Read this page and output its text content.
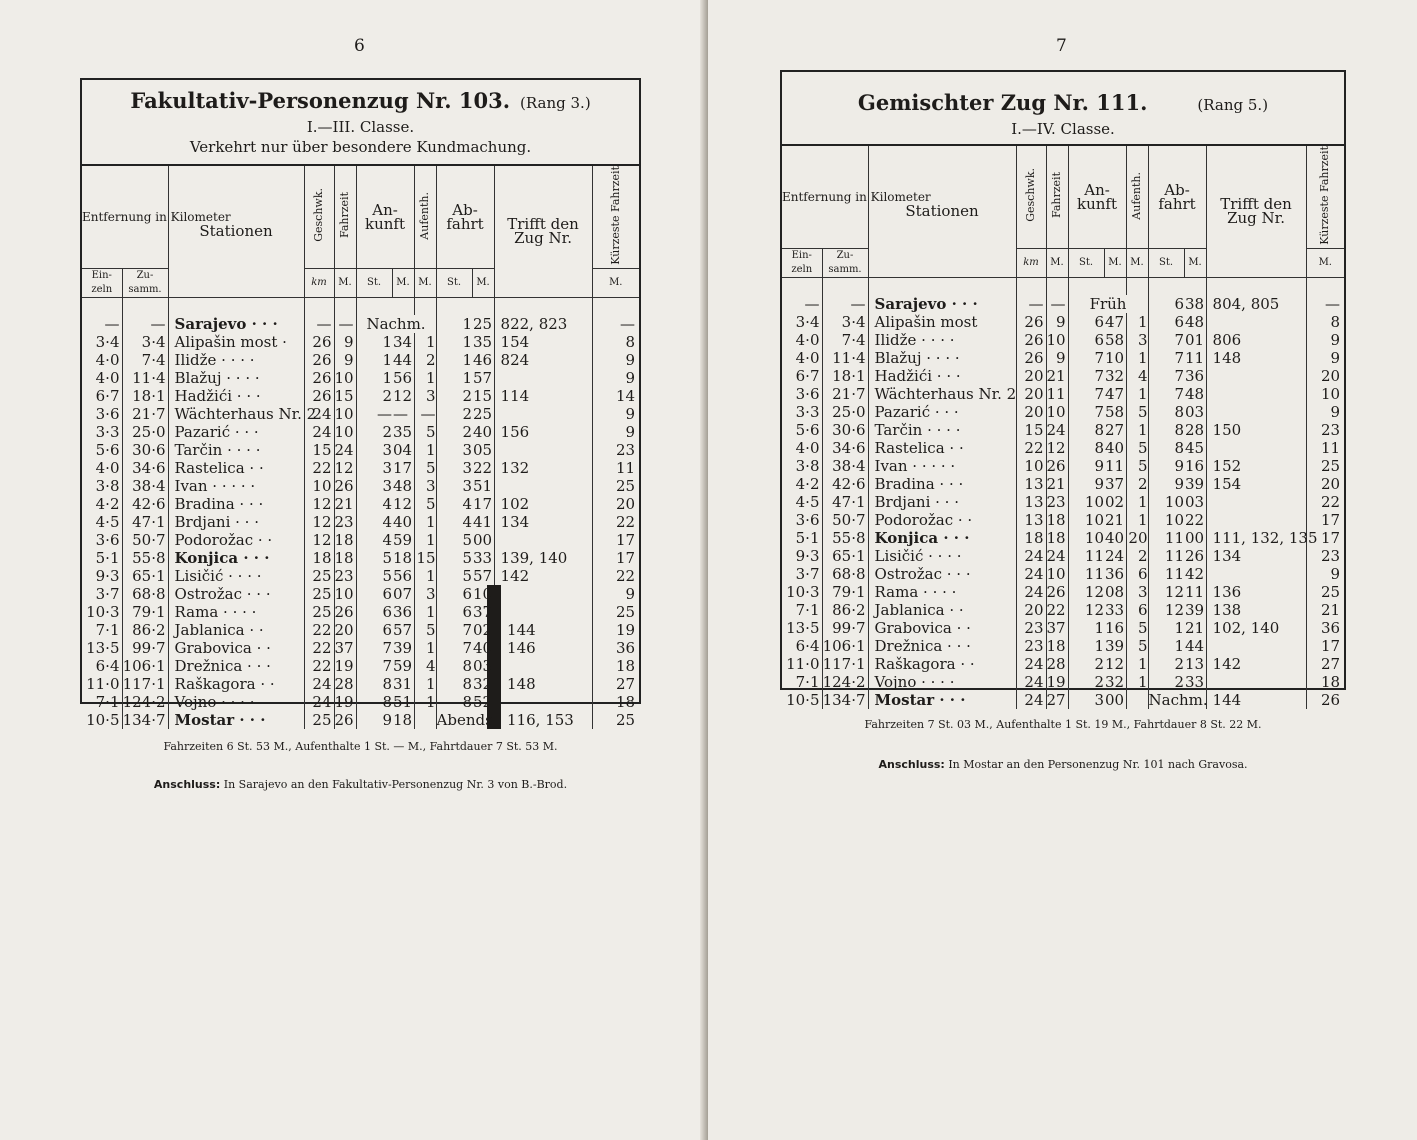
6
Fakultativ-Personenzug Nr. 103. (Rang 3.)
I.—III. Classe.
Verkehrt nur über besondere Kundmachung.
Entfernung in Kilometer		Stationen	Geschwk.	Fahrzeit	An-kunft		Aufenth.	Ab-fahrt		Trifft den Zug Nr.	Kürzeste Fahrzeit
Ein-zeln	Zu-samm.		km	M.	St.	M.	M.	St.	M.		M.

—	—	Sarajevo · · ·	—	—	Nachm.			1	25	822, 823	—
3·4	3·4	Alipašin most ·	26	9	1	34	1	1	35	154	8
4·0	7·4	Ilidže · · · ·	26	9	1	44	2	1	46	824	9
4·0	11·4	Blažuj · · · ·	26	10	1	56	1	1	57		9
6·7	18·1	Hadžići · · ·	26	15	2	12	3	2	15	114	14
3·6	21·7	Wächterhaus Nr. 2	24	10	—	—	—	2	25		9
3·3	25·0	Pazarić · · ·	24	10	2	35	5	2	40	156	9
5·6	30·6	Tarčin · · · ·	15	24	3	04	1	3	05		23
4·0	34·6	Rastelica · ·	22	12	3	17	5	3	22	132	11
3·8	38·4	Ivan · · · · ·	10	26	3	48	3	3	51		25
4·2	42·6	Bradina · · ·	12	21	4	12	5	4	17	102	20
4·5	47·1	Brdjani · · ·	12	23	4	40	1	4	41	134	22
3·6	50·7	Podorožac · ·	12	18	4	59	1	5	00		17
5·1	55·8	Konjica · · ·	18	18	5	18	15	5	33	139, 140	17
9·3	65·1	Lisičić · · · ·	25	23	5	56	1	5	57	142	22
3·7	68·8	Ostrožac · · ·	25	10	6	07	3	6	10		9
10·3	79·1	Rama · · · ·	25	26	6	36	1	6	37		25
7·1	86·2	Jablanica · ·	22	20	6	57	5	7	02	144	19
13·5	99·7	Grabovica · ·	22	37	7	39	1	7	40	146	36
6·4	106·1	Drežnica · · ·	22	19	7	59	4	8	03		18
11·0	117·1	Raškagora · ·	24	28	8	31	1	8	32	148	27
7·1	124·2	Vojno · · · ·	24	19	8	51	1	8	52		18
10·5	134·7	Mostar · · ·	25	26	9	18		Abends		116, 153	25
Fahrzeiten 6 St. 53 M., Aufenthalte 1 St. — M., Fahrtdauer 7 St. 53 M.
Anschluss: In Sarajevo an den Fakultativ-Personenzug Nr. 3 von B.-Brod.
7
Gemischter Zug Nr. 111.	(Rang 5.)
I.—IV. Classe.
Entfernung in Kilometer		Stationen	Geschwk.	Fahrzeit	An-kunft		Aufenth.	Ab-fahrt		Trifft den Zug Nr.	Kürzeste Fahrzeit
Ein-zeln	Zu-samm.		km	M.	St.	M.	M.	St.	M.		M.

—	—	Sarajevo · · ·	—	—	Früh			6	38	804, 805	—
3·4	3·4	Alipašin most	26	9	6	47	1	6	48		8
4·0	7·4	Ilidže · · · ·	26	10	6	58	3	7	01	806	9
4·0	11·4	Blažuj · · · ·	26	9	7	10	1	7	11	148	9
6·7	18·1	Hadžići · · ·	20	21	7	32	4	7	36		20
3·6	21·7	Wächterhaus Nr. 2	20	11	7	47	1	7	48		10
3·3	25·0	Pazarić · · ·	20	10	7	58	5	8	03		9
5·6	30·6	Tarčin · · · ·	15	24	8	27	1	8	28	150	23
4·0	34·6	Rastelica · ·	22	12	8	40	5	8	45		11
3·8	38·4	Ivan · · · · ·	10	26	9	11	5	9	16	152	25
4·2	42·6	Bradina · · ·	13	21	9	37	2	9	39	154	20
4·5	47·1	Brdjani · · ·	13	23	10	02	1	10	03		22
3·6	50·7	Podorožac · ·	13	18	10	21	1	10	22		17
5·1	55·8	Konjica · · ·	18	18	10	40	20	11	00	111, 132, 135	17
9·3	65·1	Lisičić · · · ·	24	24	11	24	2	11	26	134	23
3·7	68·8	Ostrožac · · ·	24	10	11	36	6	11	42		9
10·3	79·1	Rama · · · ·	24	26	12	08	3	12	11	136	25
7·1	86·2	Jablanica · ·	20	22	12	33	6	12	39	138	21
13·5	99·7	Grabovica · ·	23	37	1	16	5	1	21	102, 140	36
6·4	106·1	Drežnica · · ·	23	18	1	39	5	1	44		17
11·0	117·1	Raškagora · ·	24	28	2	12	1	2	13	142	27
7·1	124·2	Vojno · · · ·	24	19	2	32	1	2	33		18
10·5	134·7	Mostar · · ·	24	27	3	00		Nachm.		144	26
Fahrzeiten 7 St. 03 M., Aufenthalte 1 St. 19 M., Fahrtdauer 8 St. 22 M.
Anschluss: In Mostar an den Personenzug Nr. 101 nach Gravosa.
